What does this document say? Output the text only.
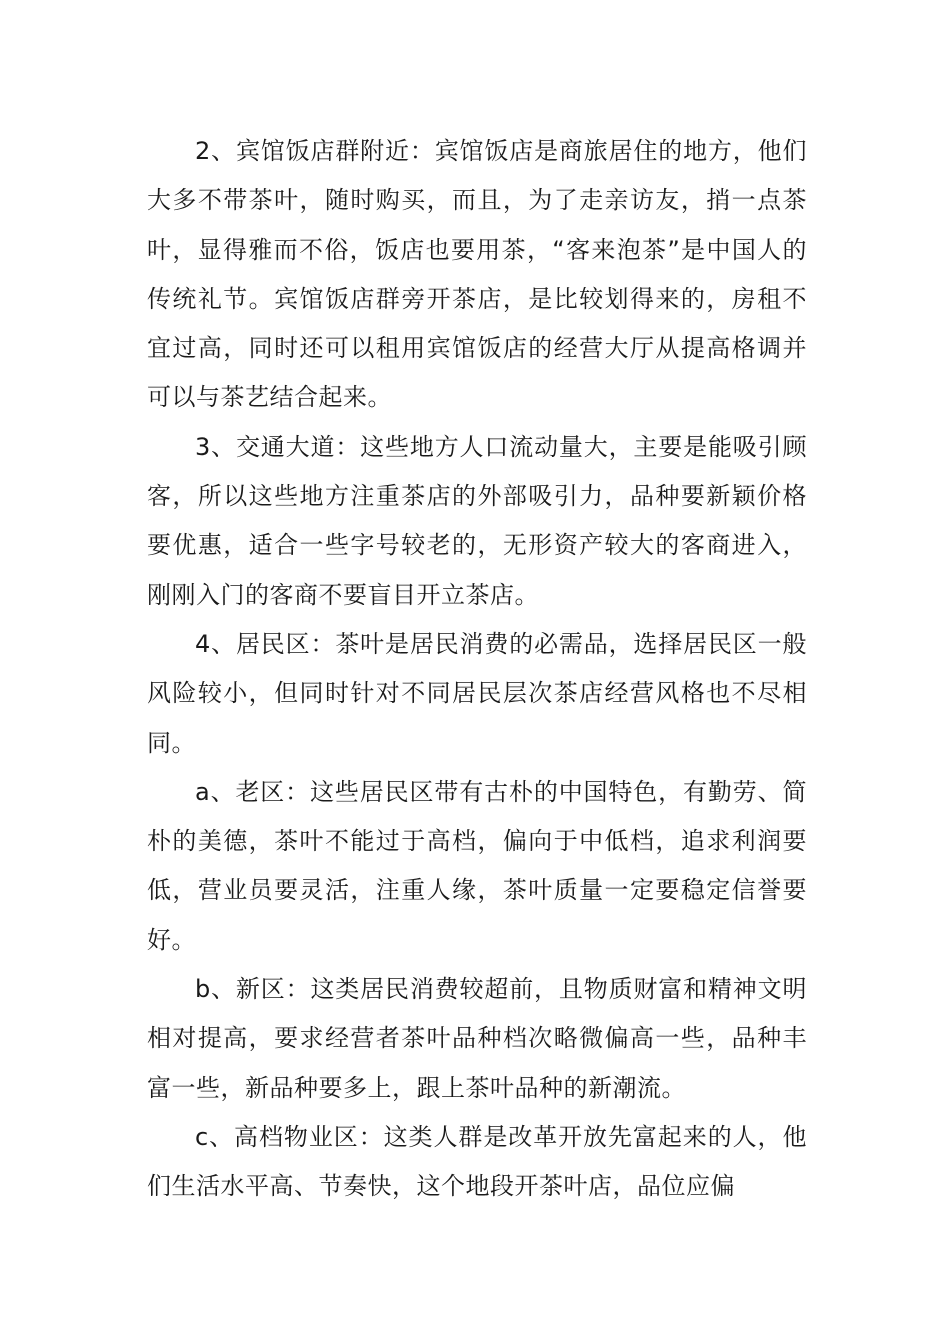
2、宾馆饭店群附近：宾馆饭店是商旅居住的地方，他们大多不带茶叶，随时购买，而且，为了走亲访友，捎一点茶叶，显得雅而不俗，饭店也要用茶，“客来泡茶”是中国人的传统礼节。宾馆饭店群旁开茶店，是比较划得来的，房租不宜过高，同时还可以租用宾馆饭店的经营大厅从提高格调并可以与茶艺结合起来。

3、交通大道：这些地方人口流动量大，主要是能吸引顾客，所以这些地方注重茶店的外部吸引力，品种要新颖价格要优惠，适合一些字号较老的，无形资产较大的客商进入，刚刚入门的客商不要盲目开立茶店。

4、居民区：茶叶是居民消费的必需品，选择居民区一般风险较小，但同时针对不同居民层次茶店经营风格也不尽相同。

a、老区：这些居民区带有古朴的中国特色，有勤劳、简朴的美德，茶叶不能过于高档，偏向于中低档，追求利润要低，营业员要灵活，注重人缘，茶叶质量一定要稳定信誉要好。

b、新区：这类居民消费较超前，且物质财富和精神文明相对提高，要求经营者茶叶品种档次略微偏高一些，品种丰富一些，新品种要多上，跟上茶叶品种的新潮流。

c、高档物业区：这类人群是改革开放先富起来的人，他们生活水平高、节奏快，这个地段开茶叶店，品位应偏
